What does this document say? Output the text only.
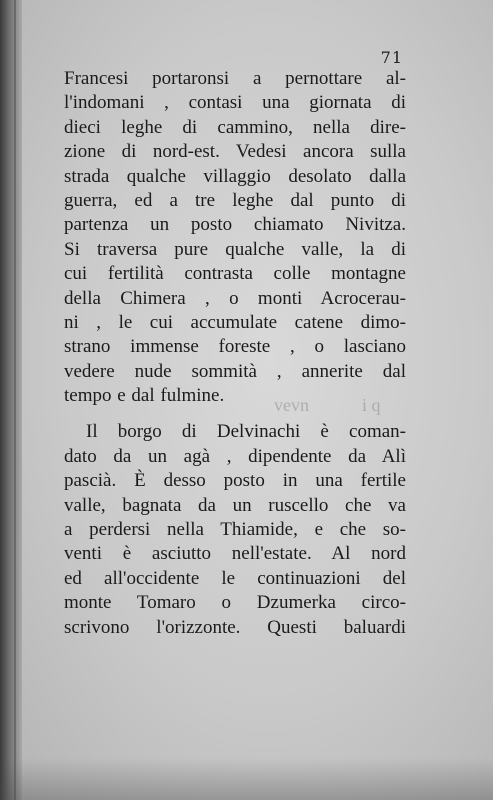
71
vevn	i q
Francesi portaronsi a pernottare al-
l'indomani , contasi una giornata di
dieci leghe di cammino, nella dire-
zione di nord-est. Vedesi ancora sulla
strada qualche villaggio desolato dalla
guerra, ed a tre leghe dal punto di
partenza un posto chiamato Nivitza.
Si traversa pure qualche valle, la di
cui fertilità contrasta colle montagne
della Chimera , o monti Acrocerau-
ni , le cui accumulate catene dimo-
strano immense foreste , o lasciano
vedere nude sommità , annerite dal
tempo e dal fulmine.
Il borgo di Delvinachi è coman-
dato da un agà , dipendente da Alì
pascià. È desso posto in una fertile
valle, bagnata da un ruscello che va
a perdersi nella Thiamide, e che so-
venti è asciutto nell'estate. Al nord
ed all'occidente le continuazioni del
monte Tomaro o Dzumerka circo-
scrivono l'orizzonte. Questi baluardi
